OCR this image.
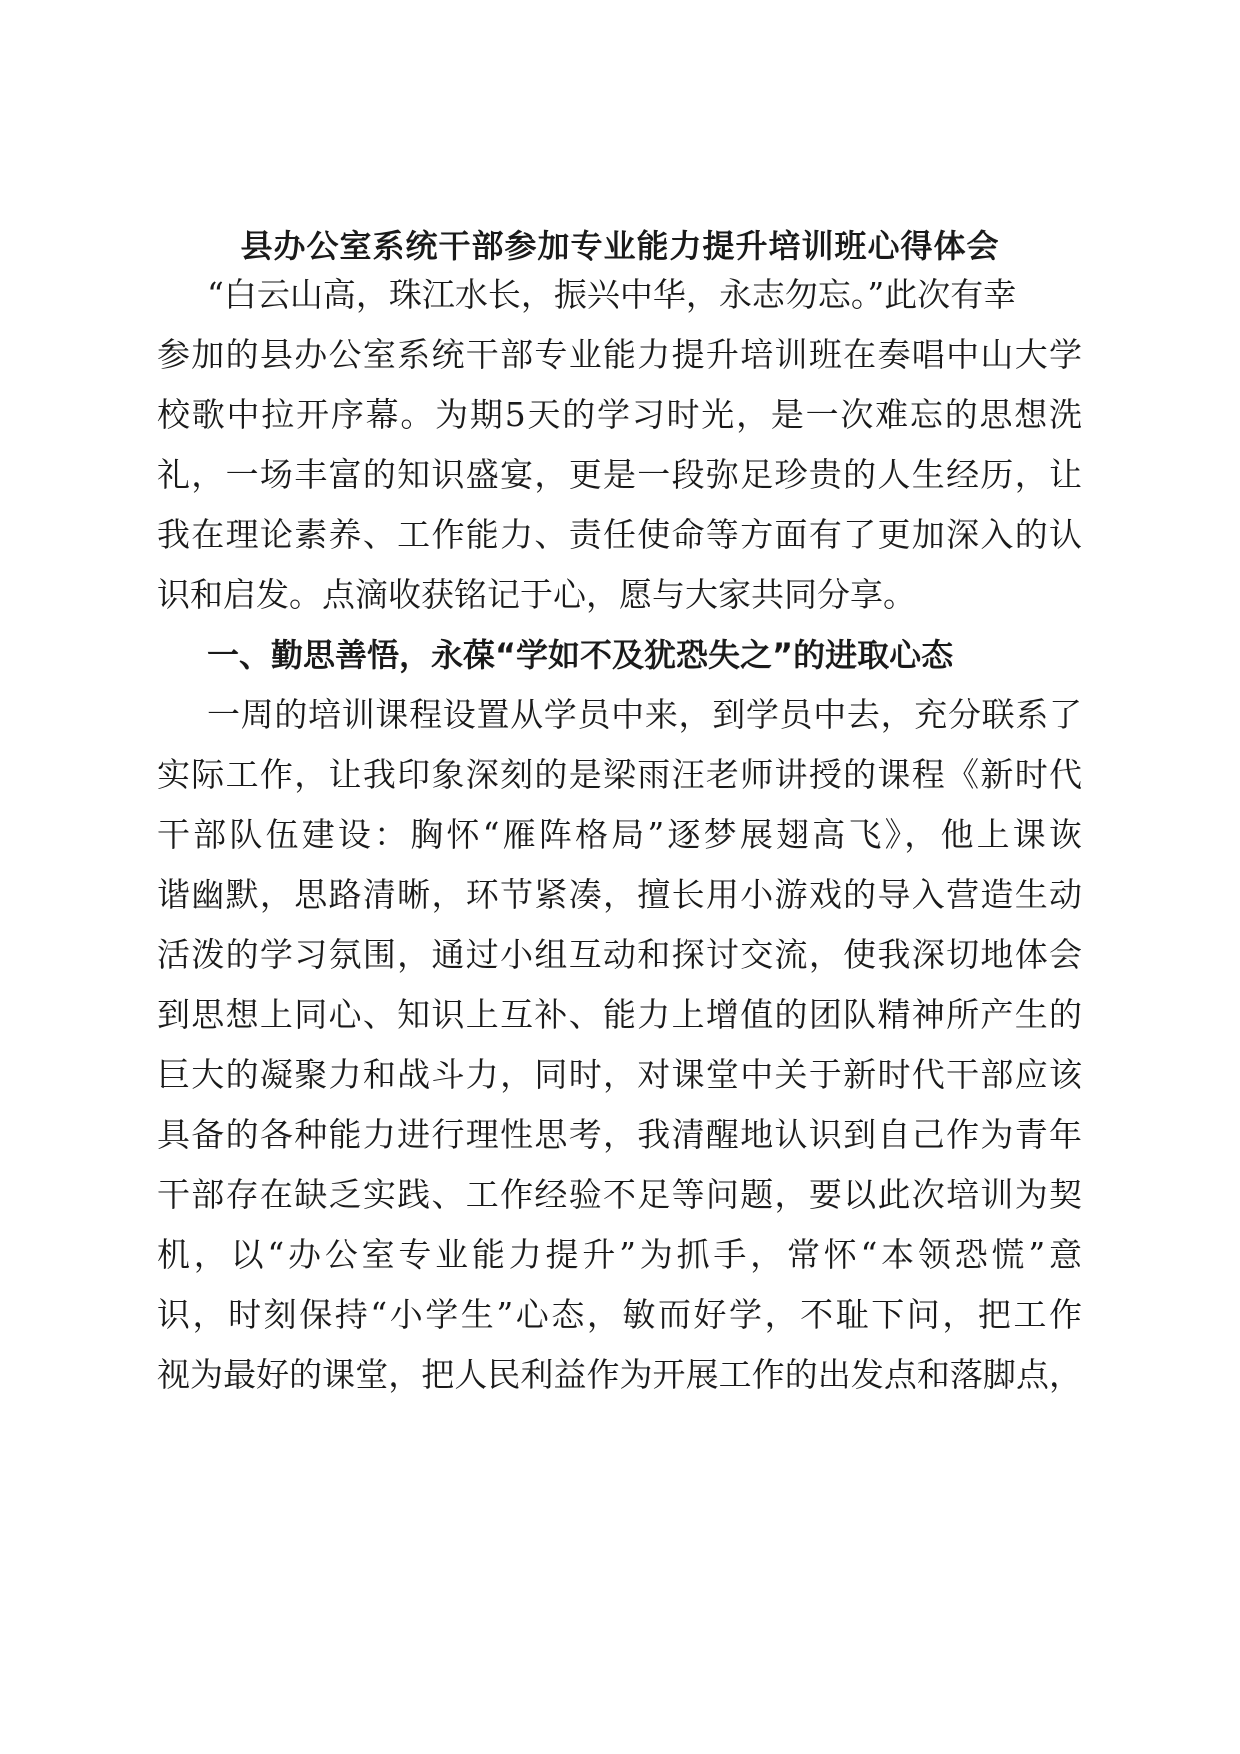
县办公室系统干部参加专业能力提升培训班心得体会

“白云山高，珠江水长，振兴中华，永志勿忘。”此次有幸

参加的县办公室系统干部专业能力提升培训班在奏唱中山大学

校歌中拉开序幕。为期5天的学习时光，是一次难忘的思想洗

礼，一场丰富的知识盛宴，更是一段弥足珍贵的人生经历，让

我在理论素养、工作能力、责任使命等方面有了更加深入的认

识和启发。点滴收获铭记于心，愿与大家共同分享。

一、勤思善悟，永葆“学如不及犹恐失之”的进取心态

一周的培训课程设置从学员中来，到学员中去，充分联系了

实际工作，让我印象深刻的是梁雨汪老师讲授的课程《新时代

干部队伍建设：胸怀“雁阵格局”逐梦展翅高飞》，他上课诙

谐幽默，思路清晰，环节紧凑，擅长用小游戏的导入营造生动

活泼的学习氛围，通过小组互动和探讨交流，使我深切地体会

到思想上同心、知识上互补、能力上增值的团队精神所产生的

巨大的凝聚力和战斗力，同时，对课堂中关于新时代干部应该

具备的各种能力进行理性思考，我清醒地认识到自己作为青年

干部存在缺乏实践、工作经验不足等问题，要以此次培训为契

机，以“办公室专业能力提升”为抓手，常怀“本领恐慌”意

识，时刻保持“小学生”心态，敏而好学，不耻下问，把工作

视为最好的课堂，把人民利益作为开展工作的出发点和落脚点，
